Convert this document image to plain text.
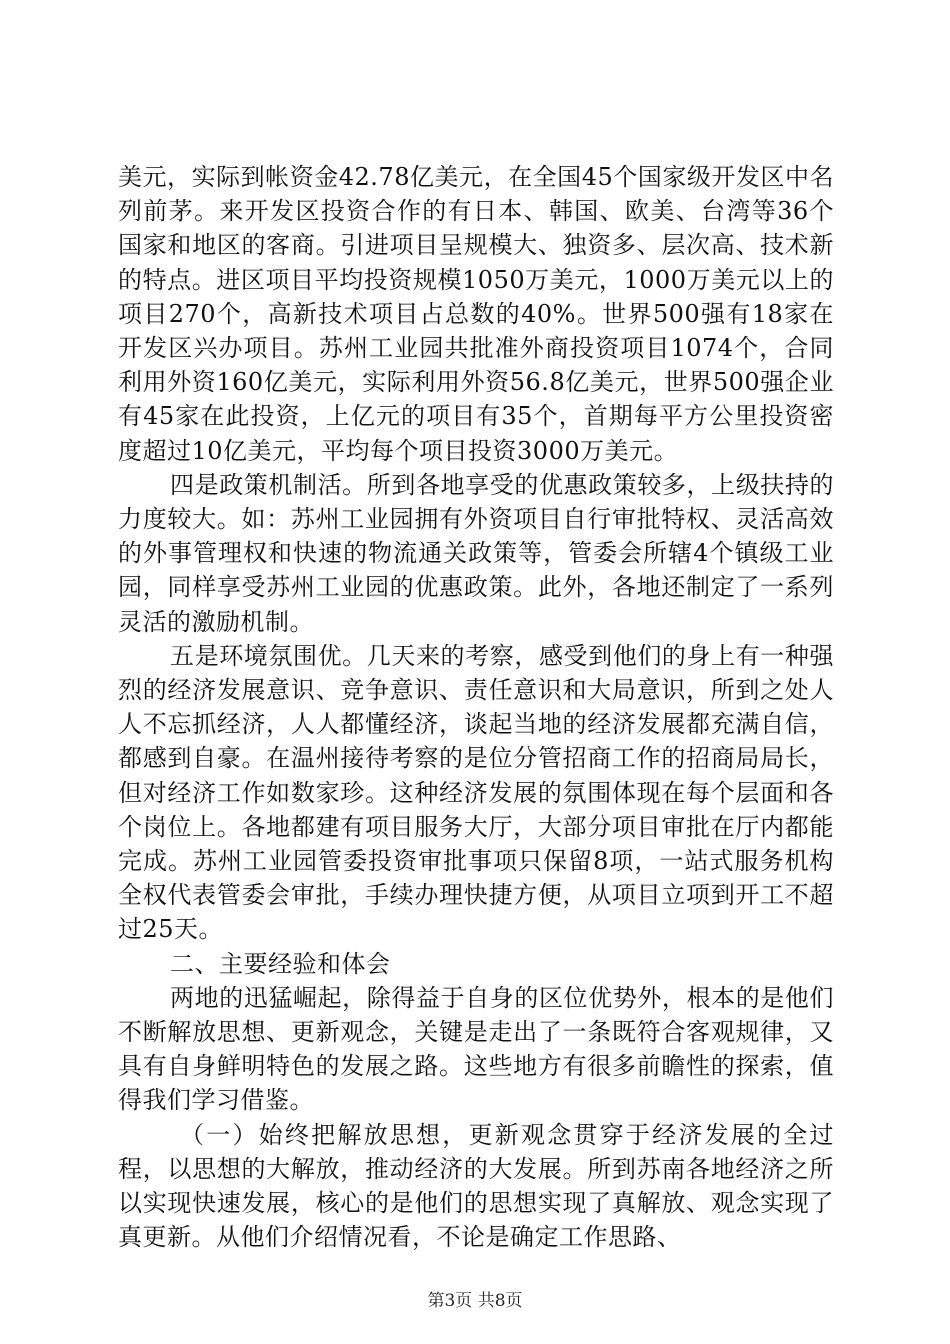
美元，实际到帐资金42.78亿美元，在全国45个国家级开发区中名列前茅。来开发区投资合作的有日本、韩国、欧美、台湾等36个国家和地区的客商。引进项目呈规模大、独资多、层次高、技术新的特点。进区项目平均投资规模1050万美元，1000万美元以上的项目270个，高新技术项目占总数的40%。世界500强有18家在开发区兴办项目。苏州工业园共批准外商投资项目1074个，合同利用外资160亿美元，实际利用外资56.8亿美元，世界500强企业有45家在此投资，上亿元的项目有35个，首期每平方公里投资密度超过10亿美元，平均每个项目投资3000万美元。

四是政策机制活。所到各地享受的优惠政策较多，上级扶持的力度较大。如：苏州工业园拥有外资项目自行审批特权、灵活高效的外事管理权和快速的物流通关政策等，管委会所辖4个镇级工业园，同样享受苏州工业园的优惠政策。此外，各地还制定了一系列灵活的激励机制。

五是环境氛围优。几天来的考察，感受到他们的身上有一种强烈的经济发展意识、竞争意识、责任意识和大局意识，所到之处人人不忘抓经济，人人都懂经济，谈起当地的经济发展都充满自信，都感到自豪。在温州接待考察的是位分管招商工作的招商局局长，但对经济工作如数家珍。这种经济发展的氛围体现在每个层面和各个岗位上。各地都建有项目服务大厅，大部分项目审批在厅内都能完成。苏州工业园管委投资审批事项只保留8项，一站式服务机构全权代表管委会审批，手续办理快捷方便，从项目立项到开工不超过25天。

二、主要经验和体会

两地的迅猛崛起，除得益于自身的区位优势外，根本的是他们不断解放思想、更新观念，关键是走出了一条既符合客观规律，又具有自身鲜明特色的发展之路。这些地方有很多前瞻性的探索，值得我们学习借鉴。

（一）始终把解放思想，更新观念贯穿于经济发展的全过程，以思想的大解放，推动经济的大发展。所到苏南各地经济之所以实现快速发展，核心的是他们的思想实现了真解放、观念实现了真更新。从他们介绍情况看，不论是确定工作思路、

第3页 共8页
